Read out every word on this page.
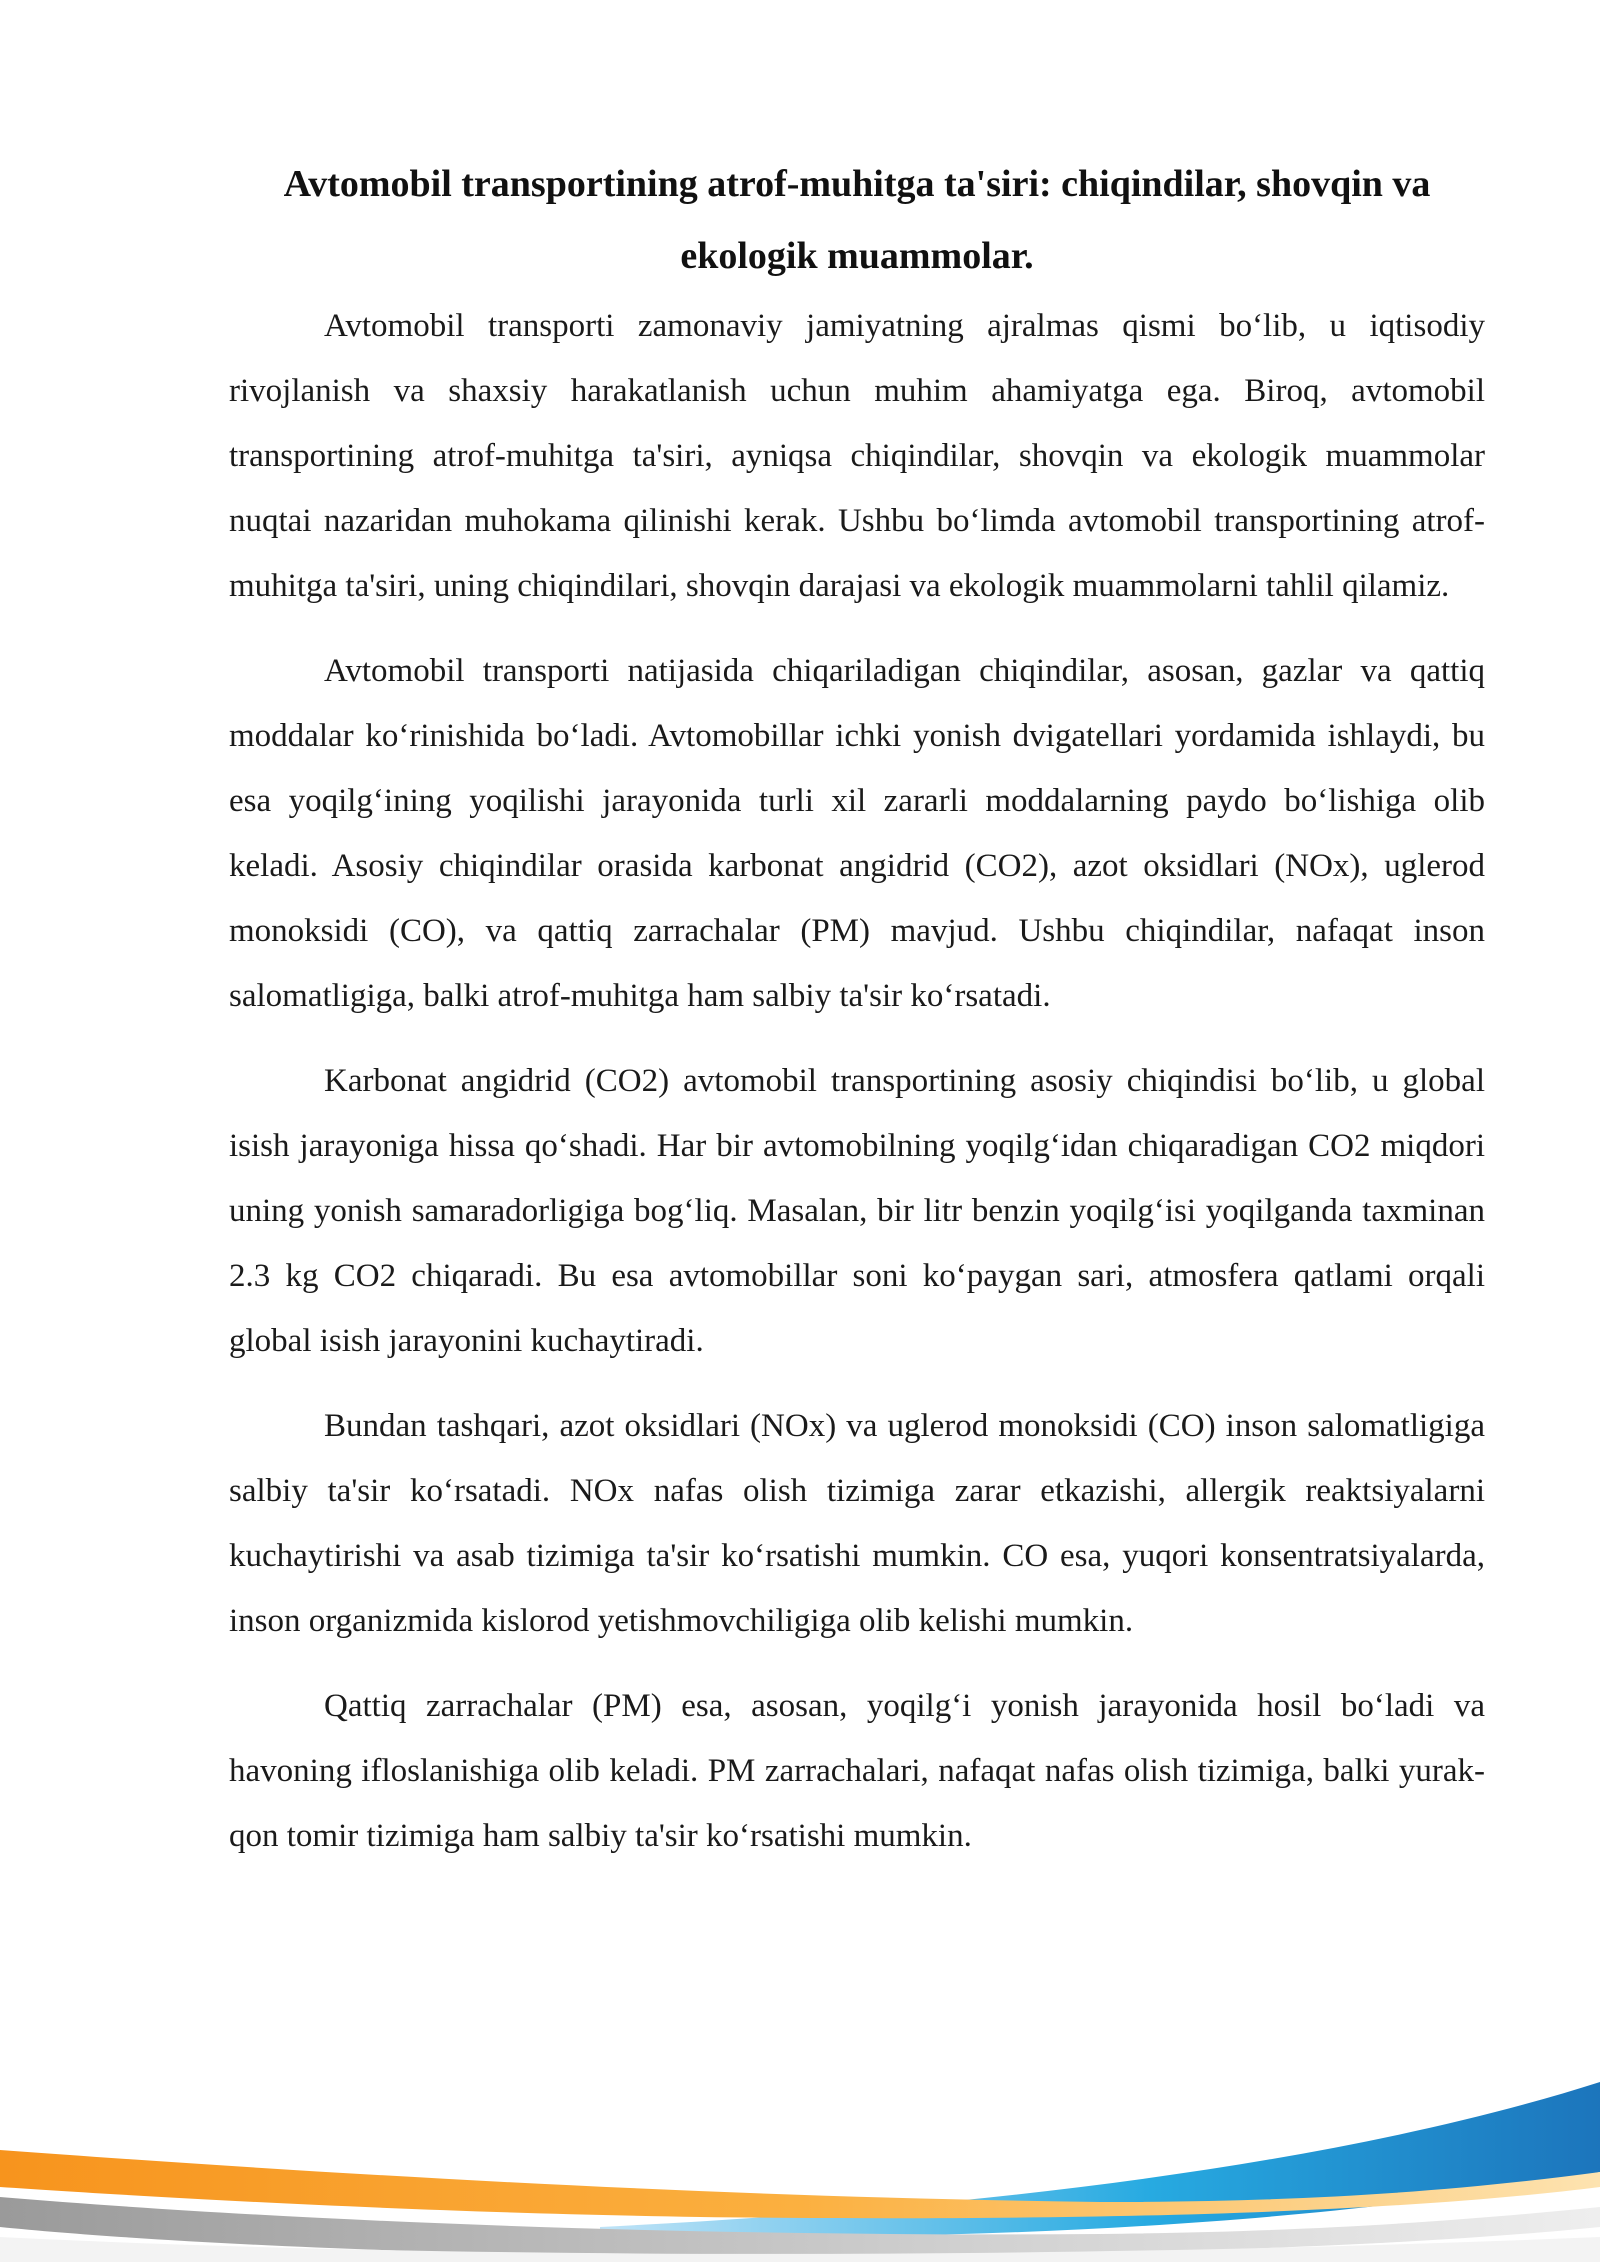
Avtomobil transportining atrof-muhitga ta'siri: chiqindilar, shovqin va ekologik muammolar.

Avtomobil transporti zamonaviy jamiyatning ajralmas qismi bo‘lib, u iqtisodiy rivojlanish va shaxsiy harakatlanish uchun muhim ahamiyatga ega. Biroq, avtomobil transportining atrof-muhitga ta'siri, ayniqsa chiqindilar, shovqin va ekologik muammolar nuqtai nazaridan muhokama qilinishi kerak. Ushbu bo‘limda avtomobil transportining atrof-muhitga ta'siri, uning chiqindilari, shovqin darajasi va ekologik muammolarni tahlil qilamiz.

Avtomobil transporti natijasida chiqariladigan chiqindilar, asosan, gazlar va qattiq moddalar ko‘rinishida bo‘ladi. Avtomobillar ichki yonish dvigatellari yordamida ishlaydi, bu esa yoqilg‘ining yoqilishi jarayonida turli xil zararli moddalarning paydo bo‘lishiga olib keladi. Asosiy chiqindilar orasida karbonat angidrid (CO2), azot oksidlari (NOx), uglerod monoksidi (CO), va qattiq zarrachalar (PM) mavjud. Ushbu chiqindilar, nafaqat inson salomatligiga, balki atrof-muhitga ham salbiy ta'sir ko‘rsatadi.

Karbonat angidrid (CO2) avtomobil transportining asosiy chiqindisi bo‘lib, u global isish jarayoniga hissa qo‘shadi. Har bir avtomobilning yoqilg‘idan chiqaradigan CO2 miqdori uning yonish samaradorligiga bog‘liq. Masalan, bir litr benzin yoqilg‘isi yoqilganda taxminan 2.3 kg CO2 chiqaradi. Bu esa avtomobillar soni ko‘paygan sari, atmosfera qatlami orqali global isish jarayonini kuchaytiradi.

Bundan tashqari, azot oksidlari (NOx) va uglerod monoksidi (CO) inson salomatligiga salbiy ta'sir ko‘rsatadi. NOx nafas olish tizimiga zarar etkazishi, allergik reaktsiyalarni kuchaytirishi va asab tizimiga ta'sir ko‘rsatishi mumkin. CO esa, yuqori konsentratsiyalarda, inson organizmida kislorod yetishmovchiligiga olib kelishi mumkin.

Qattiq zarrachalar (PM) esa, asosan, yoqilg‘i yonish jarayonida hosil bo‘ladi va havoning ifloslanishiga olib keladi. PM zarrachalari, nafaqat nafas olish tizimiga, balki yurak-qon tomir tizimiga ham salbiy ta'sir ko‘rsatishi mumkin.
